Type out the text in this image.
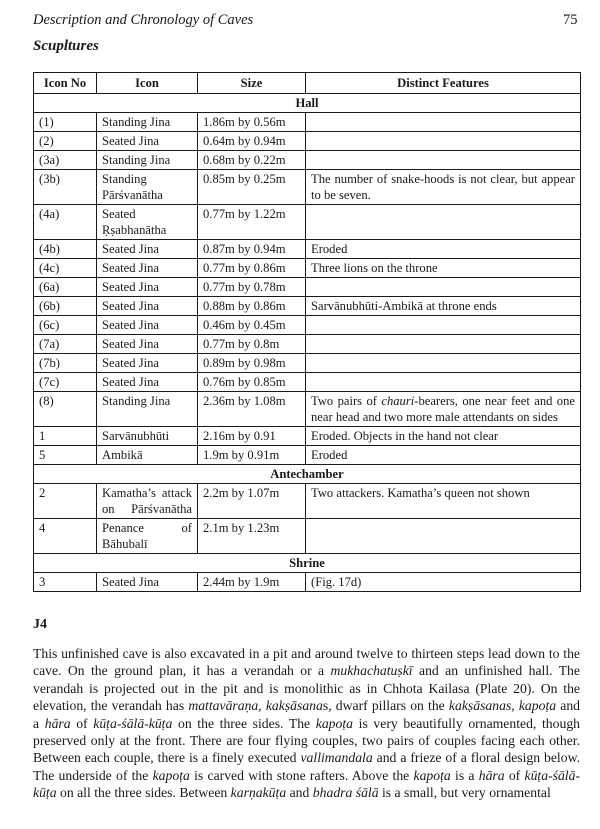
Description and Chronology of Caves	75
Scupltures
Icon No	Icon	Size	Distinct Features
Hall			
(1)	Standing Jina	1.86m by 0.56m	
(2)	Seated Jina	0.64m by 0.94m	
(3a)	Standing Jina	0.68m by 0.22m	
(3b)	Standing Pārśvanātha	0.85m by 0.25m	The number of snake-hoods is not clear, but appear to be seven.
(4a)	Seated Ṛṣabhanātha	0.77m by 1.22m	
(4b)	Seated Jina	0.87m by 0.94m	Eroded
(4c)	Seated Jina	0.77m by 0.86m	Three lions on the throne
(6a)	Seated Jina	0.77m by 0.78m	
(6b)	Seated Jina	0.88m by 0.86m	Sarvānubhūti-Ambikā at throne ends
(6c)	Seated Jina	0.46m by 0.45m	
(7a)	Seated Jina	0.77m by 0.8m	
(7b)	Seated Jina	0.89m by 0.98m	
(7c)	Seated Jina	0.76m by 0.85m	
(8)	Standing Jina	2.36m by 1.08m	Two pairs of chauri-bearers, one near feet and one near head and two more male attendants on sides
1	Sarvānubhūti	2.16m by 0.91	Eroded. Objects in the hand not clear
5	Ambikā	1.9m by 0.91m	Eroded
Antechamber			
2	Kamatha’s attack on Pārśvanātha	2.2m by 1.07m	Two attackers. Kamatha’s queen not shown
4	Penance of Bāhubalī	2.1m by 1.23m	
Shrine			
3	Seated Jina	2.44m by 1.9m	(Fig. 17d)
J4
This unfinished cave is also excavated in a pit and around twelve to thirteen steps lead down to the cave. On the ground plan, it has a verandah or a mukhachatuṣkī and an unfinished hall. The verandah is projected out in the pit and is monolithic as in Chhota Kailasa (Plate 20). On the elevation, the verandah has mattavāraṇa, kakṣāsanas, dwarf pillars on the kakṣāsanas, kapoṭa and a hāra of kūṭa-śālā-kūṭa on the three sides. The kapoṭa is very beautifully ornamented, though preserved only at the front. There are four flying couples, two pairs of couples facing each other. Between each couple, there is a finely executed vallimandala and a frieze of a floral design below. The underside of the kapoṭa is carved with stone rafters. Above the kapoṭa is a hāra of kūṭa-śālā-kūṭa on all the three sides. Between karṇakūṭa and bhadra śālā is a small, but very ornamental
